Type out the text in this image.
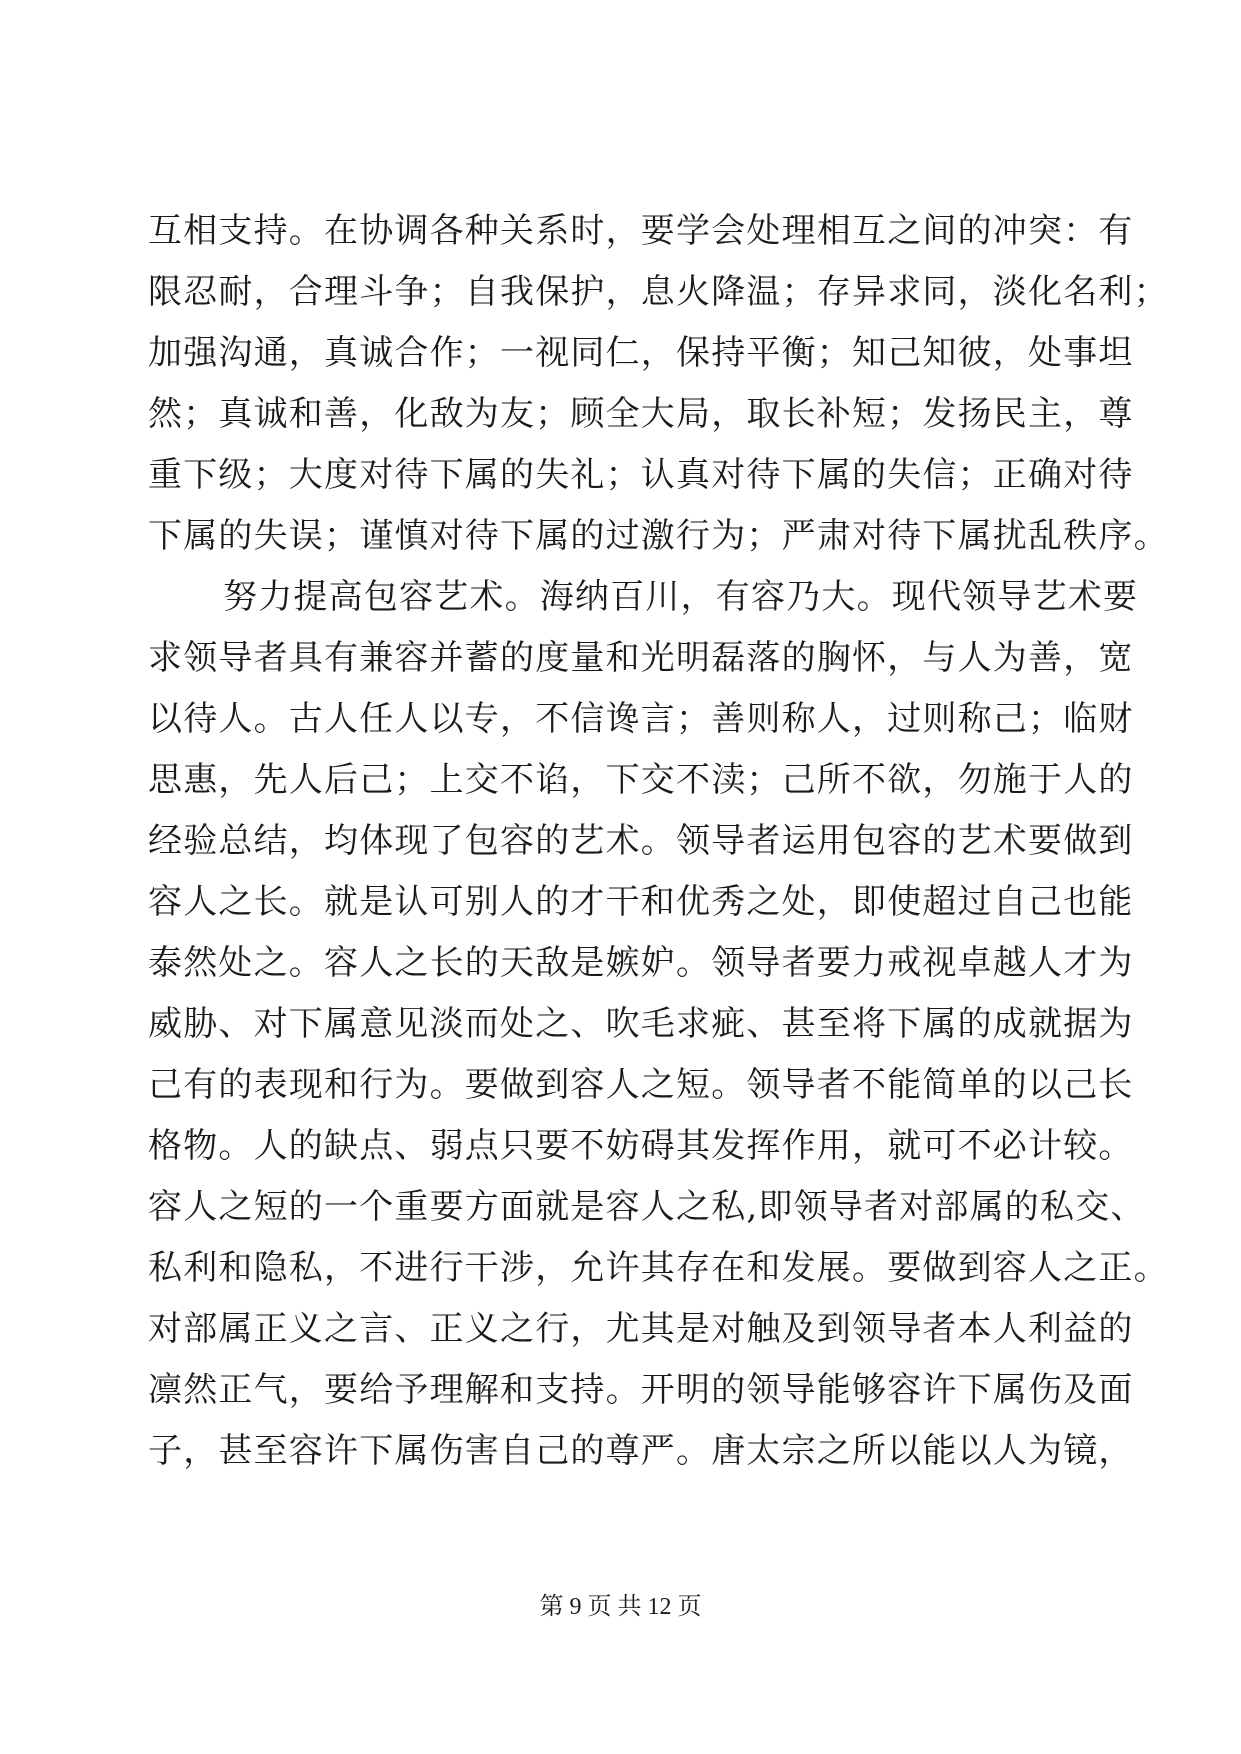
互相支持。在协调各种关系时，要学会处理相互之间的冲突：有
限忍耐，合理斗争；自我保护，息火降温；存异求同，淡化名利；
加强沟通，真诚合作；一视同仁，保持平衡；知己知彼，处事坦
然；真诚和善，化敌为友；顾全大局，取长补短；发扬民主，尊
重下级；大度对待下属的失礼；认真对待下属的失信；正确对待
下属的失误；谨慎对待下属的过激行为；严肃对待下属扰乱秩序。
努力提高包容艺术。海纳百川，有容乃大。现代领导艺术要
求领导者具有兼容并蓄的度量和光明磊落的胸怀，与人为善，宽
以待人。古人任人以专，不信谗言；善则称人，过则称己；临财
思惠，先人后己；上交不谄，下交不渎；己所不欲，勿施于人的
经验总结，均体现了包容的艺术。领导者运用包容的艺术要做到
容人之长。就是认可别人的才干和优秀之处，即使超过自己也能
泰然处之。容人之长的天敌是嫉妒。领导者要力戒视卓越人才为
威胁、对下属意见淡而处之、吹毛求疵、甚至将下属的成就据为
己有的表现和行为。要做到容人之短。领导者不能简单的以己长
格物。人的缺点、弱点只要不妨碍其发挥作用，就可不必计较。
容人之短的一个重要方面就是容人之私,即领导者对部属的私交、
私利和隐私，不进行干涉，允许其存在和发展。要做到容人之正。
对部属正义之言、正义之行，尤其是对触及到领导者本人利益的
凛然正气，要给予理解和支持。开明的领导能够容许下属伤及面
子，甚至容许下属伤害自己的尊严。唐太宗之所以能以人为镜，
第 9 页 共 12 页
